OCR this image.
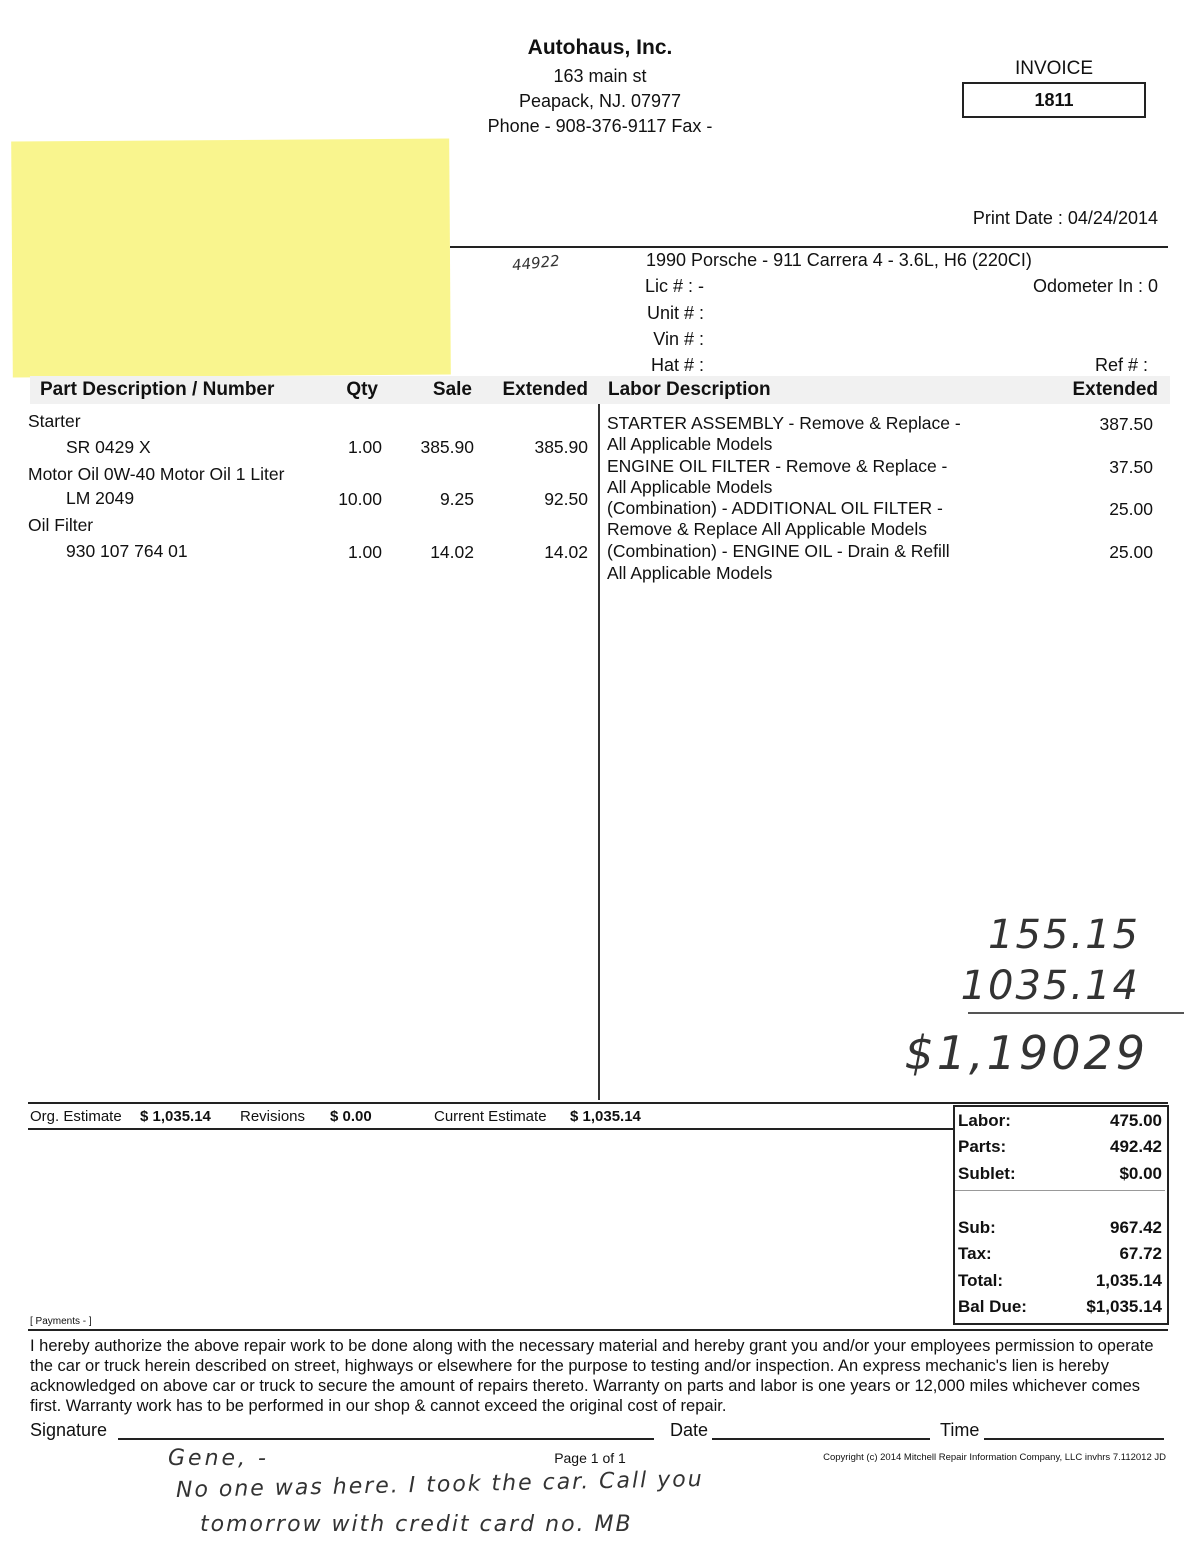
Autohaus, Inc.
163 main st
Peapack, NJ. 07977
Phone - 908-376-9117 Fax -
INVOICE
1811
Print Date : 04/24/2014
44922	1990 Porsche - 911 Carrera 4 - 3.6L, H6 (220CI)
Lic # : -	Odometer In : 0
Unit # :
Vin # :
Hat # :	Ref # :
Part Description / Number	Qty	Sale	Extended Labor Description	Extended
Starter
SR 0429 X	1.00	385.90	385.90
Motor Oil 0W-40 Motor Oil 1 Liter
LM 2049	10.00	9.25	92.50
Oil Filter
930 107 764 01	1.00	14.02	14.02
STARTER ASSEMBLY - Remove & Replace -
All Applicable Models
387.50
ENGINE OIL FILTER - Remove & Replace -
All Applicable Models
37.50
(Combination) - ADDITIONAL OIL FILTER -
Remove & Replace All Applicable Models
25.00
(Combination) - ENGINE OIL - Drain & Refill
All Applicable Models
25.00
155.15
1035.14
$1,19029
Org. Estimate $ 1,035.14 Revisions $ 0.00	Current Estimate $ 1,035.14	Labor:	475.00
Parts:	492.42
Sublet:	$0.00
Sub:	967.42
Tax:	67.72
Total:	1,035.14
Bal Due:	$1,035.14
[ Payments - ]
I hereby authorize the above repair work to be done along with the necessary material and hereby grant you and/or your employees permission to operate the car or truck herein described on street, highways or elsewhere for the purpose to testing and/or inspection. An express mechanic's lien is hereby acknowledged on above car or truck to secure the amount of repairs thereto. Warranty on parts and labor is one years or 12,000 miles whichever comes first. Warranty work has to be performed in our shop & cannot exceed the original cost of repair.
Signature	Date	Time
Page 1 of 1	Copyright (c) 2014 Mitchell Repair Information Company, LLC invhrs 7.112012 JD
Gene, -
No one was here. I took the car. Call you
tomorrow with credit card no. MB
